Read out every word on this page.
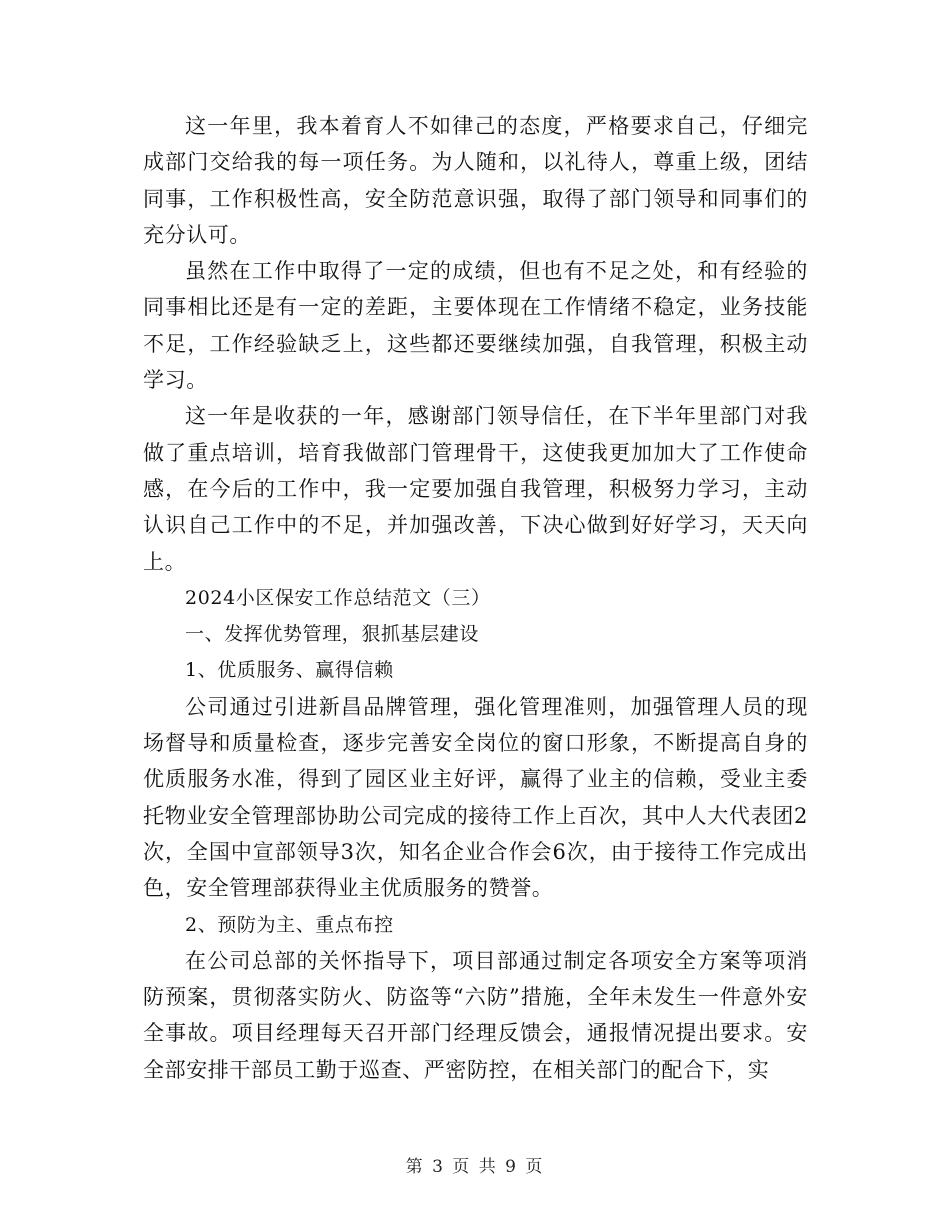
这一年里，我本着育人不如律己的态度，严格要求自己，仔细完成部门交给我的每一项任务。为人随和，以礼待人，尊重上级，团结同事，工作积极性高，安全防范意识强，取得了部门领导和同事们的充分认可。

虽然在工作中取得了一定的成绩，但也有不足之处，和有经验的同事相比还是有一定的差距，主要体现在工作情绪不稳定，业务技能不足，工作经验缺乏上，这些都还要继续加强，自我管理，积极主动学习。

这一年是收获的一年，感谢部门领导信任，在下半年里部门对我做了重点培训，培育我做部门管理骨干，这使我更加加大了工作使命感，在今后的工作中，我一定要加强自我管理，积极努力学习，主动认识自己工作中的不足，并加强改善，下决心做到好好学习，天天向上。

2024小区保安工作总结范文（三）

一、发挥优势管理，狠抓基层建设

1、优质服务、赢得信赖

公司通过引进新昌品牌管理，强化管理准则，加强管理人员的现场督导和质量检查，逐步完善安全岗位的窗口形象，不断提高自身的优质服务水准，得到了园区业主好评，赢得了业主的信赖，受业主委托物业安全管理部协助公司完成的接待工作上百次，其中人大代表团2次，全国中宣部领导3次，知名企业合作会6次，由于接待工作完成出色，安全管理部获得业主优质服务的赞誉。

2、预防为主、重点布控

在公司总部的关怀指导下，项目部通过制定各项安全方案等项消防预案，贯彻落实防火、防盗等“六防”措施，全年未发生一件意外安全事故。项目经理每天召开部门经理反馈会，通报情况提出要求。安全部安排干部员工勤于巡查、严密防控，在相关部门的配合下，实

第 3 页 共 9 页
